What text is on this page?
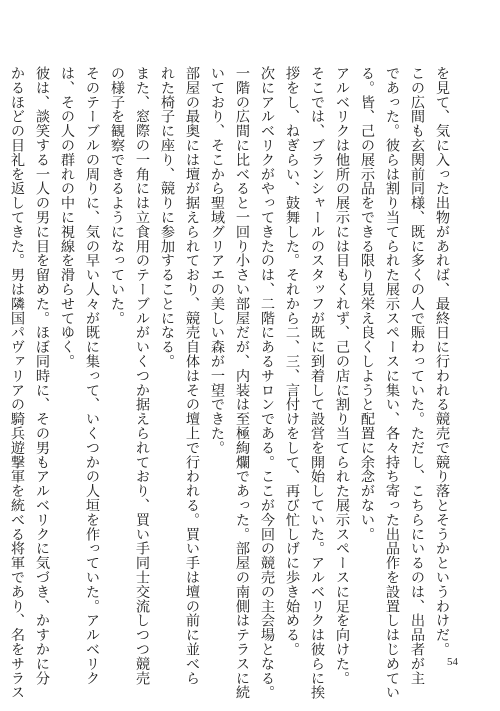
を見て、気に入った出物があれば、最終日に行われる競売で競り落とそうかというわけだ。
この広間も玄関前同様、既に多くの人で賑わっていた。ただし、こちらにいるのは、出品者が主
であった。彼らは割り当てられた展示スペースに集い、各々持ち寄った出品作を設置しはじめてい
る。皆、己の展示品をできる限り見栄え良くしようと配置に余念がない。
アルベリクは他所の展示には目もくれず、己の店に割り当てられた展示スペースに足を向けた。
そこでは、ブランシャールのスタッフが既に到着して設営を開始していた。アルベリクは彼らに挨
拶をし、ねぎらい、鼓舞した。それから二、三、言付けをして、再び忙しげに歩き始める。
次にアルベリクがやってきたのは、二階にあるサロンである。ここが今回の競売の主会場となる。
一階の広間に比べると一回り小さい部屋だが、内装は至極絢爛であった。部屋の南側はテラスに続
いており、そこから聖域グリアエの美しい森が一望できた。
部屋の最奥には壇が据えられており、競売自体はその壇上で行われる。買い手は壇の前に並べら
れた椅子に座り、競りに参加することになる。
また、窓際の一角には立食用のテーブルがいくつか据えられており、買い手同士交流しつつ競売
の様子を観察できるようになっていた。
そのテーブルの周りに、気の早い人々が既に集って、いくつかの人垣を作っていた。アルベリク
は、その人の群れの中に視線を滑らせてゆく。
彼は、談笑する一人の男に目を留めた。ほぼ同時に、その男もアルベリクに気づき、かすかに分
かるほどの目礼を返してきた。男は隣国パヴァリアの騎兵遊撃軍を統べる将軍であり、名をサラス	54
